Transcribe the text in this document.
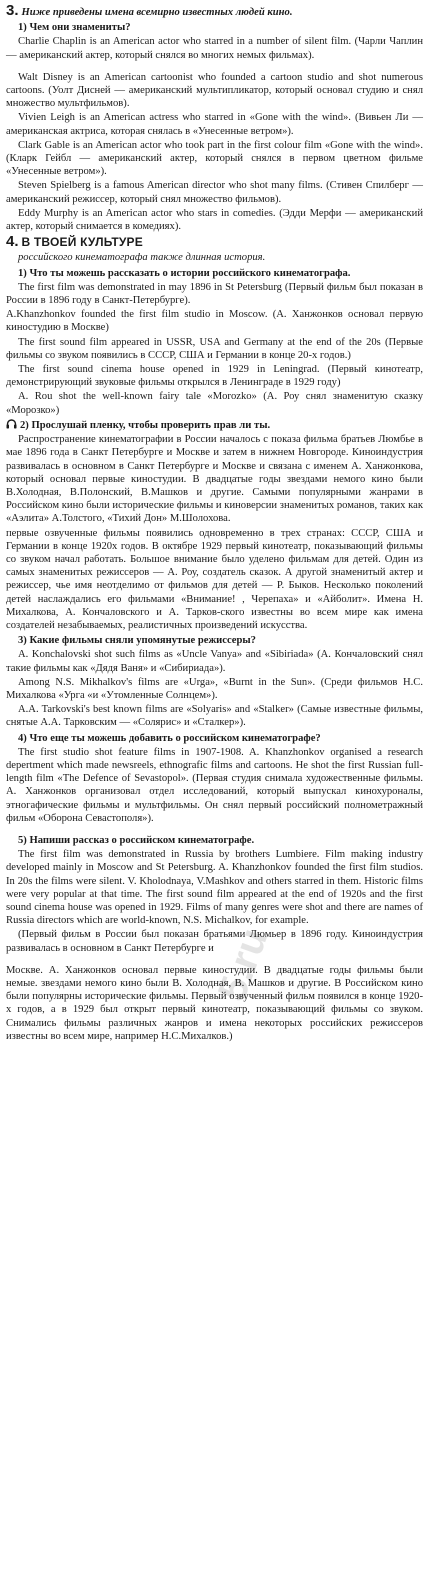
5.ru
3. Ниже приведены имена всемирно известных людей кино.
1) Чем они знамениты?

Charlie Chaplin is an American actor who starred in a number of silent film. (Чарли Чаплин — американский актер, который снялся во многих немых фильмах).

Walt Disney is an American cartoonist who founded a cartoon studio and shot numerous cartoons. (Уолт Дисней — американский мультипликатор, который основал студию и снял множество мультфильмов).

Vivien Leigh is an American actress who starred in «Gone with the wind». (Вивьен Ли — американская актриса, которая снялась в «Унесенные ветром»).

Clark Gable is an American actor who took part in the first colour film «Gone with the wind». (Кларк Гейбл — американский актер, который снялся в первом цветном фильме «Унесенные ветром»).

Steven Spielberg is a famous American director who shot many films. (Стивен Спилберг — американский режиссер, который снял множество фильмов).

Eddy Murphy is an American actor who stars in comedies. (Эдди Мерфи — американский актер, который снимается в комедиях).

4. В ТВОЕЙ КУЛЬТУРЕ
российского кинематографа также длинная история.
1) Что ты можешь рассказать о истории российского кинематографа.

The first film was demonstrated in may 1896 in St Petersburg (Первый фильм был показан в России в 1896 году в Санкт-Петербурге).

A.Khanzhonkov founded the first film studio in Moscow. (А. Ханжонков основал первую киностудию в Москве)

The first sound film appeared in USSR, USA and Germany at the end of the 20s (Первые фильмы со звуком появились в СССР, США и Германии в конце 20-х годов.)

The first sound cinema house opened in 1929 in Leningrad. (Первый кинотеатр, демонстрирующий звуковые фильмы открылся в Ленинграде в 1929 году)

A. Rou shot the well-known fairy tale «Morozko» (А. Роу снял знаменитую сказку «Морозко»)

2) Прослушай пленку, чтобы проверить прав ли ты.

Распространение кинематографии в России началось с показа фильма братьев Люмбье в мае 1896 года в Санкт Петербурге и Москве и затем в нижнем Новгороде. Киноиндустрия развивалась в основном в Санкт Петербурге и Москве и связана с именем А. Ханжонкова, который основал первые киностудии. В двадцатые годы звездами немого кино были В.Холодная, В.Полонский, В.Машков и другие. Самыми популярными жанрами в Российском кино были исторические фильмы и киноверсии знаменитых романов, таких как «Аэлита» А.Толстого, «Тихий Дон» М.Шолохова.

первые озвученные фильмы появились одновременно в трех странах: СССР, США и Германии в конце 1920х годов. В октябре 1929 первый кинотеатр, показывающий фильмы со звуком начал работать. Большое внимание было уделено фильмам для детей. Один из самых знаменитых режиссеров — А. Роу, создатель сказок. А другой знаменитый актер и режиссер, чье имя неотделимо от фильмов для детей — Р. Быков. Несколько поколений детей наслаждались его фильмами «Внимание! , Черепаха» и «Айболит». Имена Н. Михалкова, А. Кончаловского и А. Тарков-ского известны во всем мире как имена создателей незабываемых, реалистичных произведений искусства.

3) Какие фильмы сняли упомянутые режиссеры?

A. Konchalovski shot such films as «Uncle Vanya» and «Sibiriada» (А. Кончаловский снял такие фильмы как «Дядя Ваня» и «Сибириада»).

Among N.S. Mikhalkov's films are «Urga», «Burnt in the Sun». (Среди фильмов Н.С. Михалкова «Урга «и «Утомленные Солнцем»).

A.A. Tarkovski's best known films are «Solyaris» and «Stalker» (Самые известные фильмы, снятые А.А. Тарковским — «Солярис» и «Сталкер»).

4) Что еще ты можешь добавить о российском кинематографе?

The first studio shot feature films in 1907-1908. A. Khanzhonkov organised a research depertment which made newsreels, ethnografic films and cartoons. He shot the first Russian full-length film «The Defence of Sevastopol». (Первая студия снимала художественные фильмы. А. Ханжонков организовал отдел исследований, который выпускал кинохуроналы, этногафические фильмы и мультфильмы. Он снял первый российский полнометражный фильм «Оборона Севастополя»).

5) Напиши рассказ о российском кинематографе.

The first film was demonstrated in Russia by brothers Lumbiere. Film making industry developed mainly in Moscow and St Petersburg. A. Khanzhonkov founded the first film studios. In 20s the films were silent. V. Kholodnaya, V.Mashkov and others starred in them. Historic films were very popular at that time. The first sound film appeared at the end of 1920s and the first sound cinema house was opened in 1929. Films of many genres were shot and there are names of Russia directors which are world-known, N.S. Michalkov, for example.

(Первый фильм в России был показан братьями Люмьер в 1896 году. Киноиндустрия развивалась в основном в Санкт Петербурге и

Москве. А. Ханжонков основал первые киностудии. В двадцатые годы фильмы были немые. звездами немого кино были В. Холодная, В. Машков и другие. В Российском кино были популярны исторические фильмы. Первый озвученный фильм появился в конце 1920-х годов, а в 1929 был открыт первый кинотеатр, показывающий фильмы со звуком. Снимались фильмы различных жанров и имена некоторых российских режиссеров известны во всем мире, например Н.С.Михалков.)
